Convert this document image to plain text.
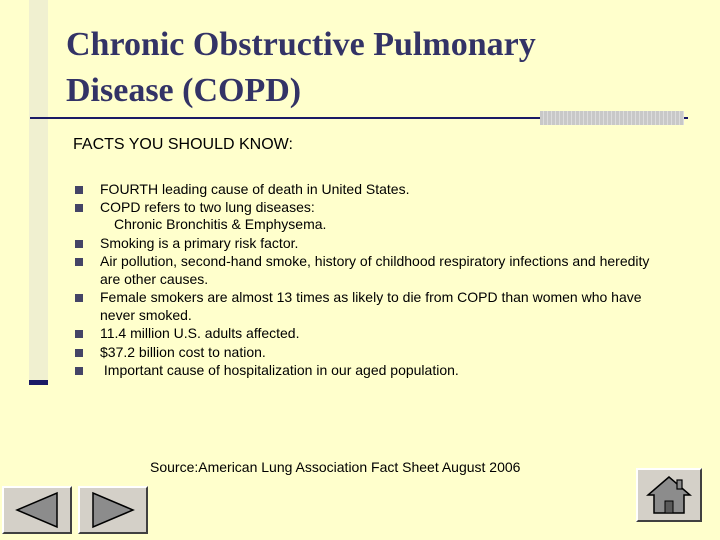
Chronic Obstructive Pulmonary
Disease (COPD)
FACTS YOU SHOULD KNOW:
FOURTH leading cause of death in United States.
COPD refers to two lung diseases:
Chronic Bronchitis & Emphysema.
Smoking is a primary risk factor.
Air pollution, second-hand smoke, history of childhood respiratory infections and heredity are other causes.
Female smokers are almost 13 times as likely to die from COPD than women who have never smoked.
11.4 million U.S. adults affected.
$37.2 billion cost to nation.
Important cause of hospitalization in our aged population.

Source:American Lung Association Fact Sheet August 2006
